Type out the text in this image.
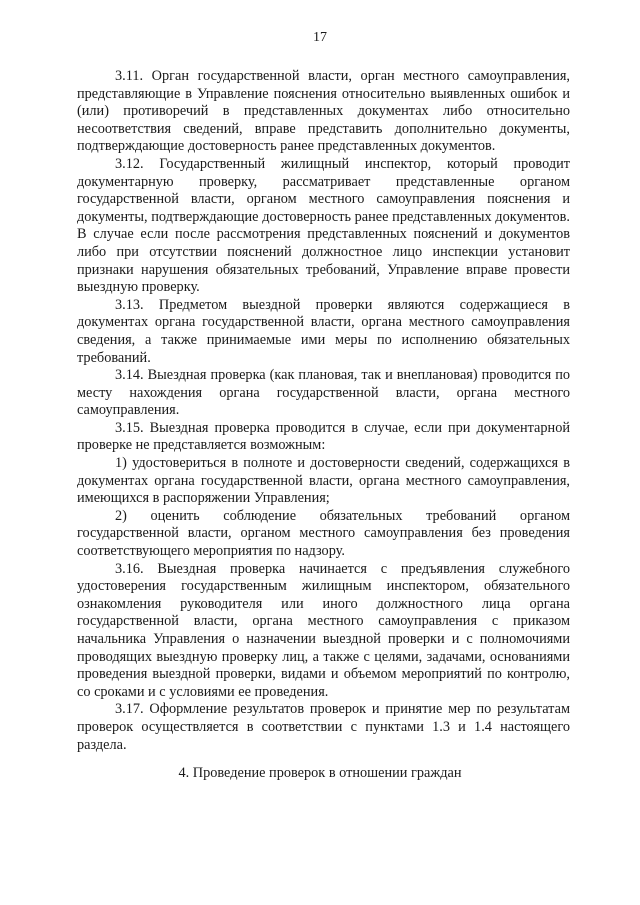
17

3.11. Орган государственной власти, орган местного самоуправления, представляющие в Управление пояснения относительно выявленных ошибок и (или) противоречий в представленных документах либо относительно несоответствия сведений, вправе представить дополнительно документы, подтверждающие достоверность ранее представленных документов.

3.12. Государственный жилищный инспектор, который проводит документарную проверку, рассматривает представленные органом государственной власти, органом местного самоуправления пояснения и документы, подтверждающие достоверность ранее представленных документов. В случае если после рассмотрения представленных пояснений и документов либо при отсутствии пояснений должностное лицо инспекции установит признаки нарушения обязательных требований, Управление вправе провести выездную проверку.

3.13. Предметом выездной проверки являются содержащиеся в документах органа государственной власти, органа местного самоуправления сведения, а также принимаемые ими меры по исполнению обязательных требований.

3.14. Выездная проверка (как плановая, так и внеплановая) проводится по месту нахождения органа государственной власти, органа местного самоуправления.

3.15. Выездная проверка проводится в случае, если при документарной проверке не представляется возможным:

1) удостовериться в полноте и достоверности сведений, содержащихся в документах органа государственной власти, органа местного самоуправления, имеющихся в распоряжении Управления;

2) оценить соблюдение обязательных требований органом государственной власти, органом местного самоуправления без проведения соответствующего мероприятия по надзору.

3.16. Выездная проверка начинается с предъявления служебного удостоверения государственным жилищным инспектором, обязательного ознакомления руководителя или иного должностного лица органа государственной власти, органа местного самоуправления с приказом начальника Управления о назначении выездной проверки и с полномочиями проводящих выездную проверку лиц, а также с целями, задачами, основаниями проведения выездной проверки, видами и объемом мероприятий по контролю, со сроками и с условиями ее проведения.

3.17. Оформление результатов проверок и принятие мер по результатам проверок осуществляется в соответствии с пунктами 1.3 и 1.4 настоящего раздела.

4. Проведение проверок в отношении граждан
